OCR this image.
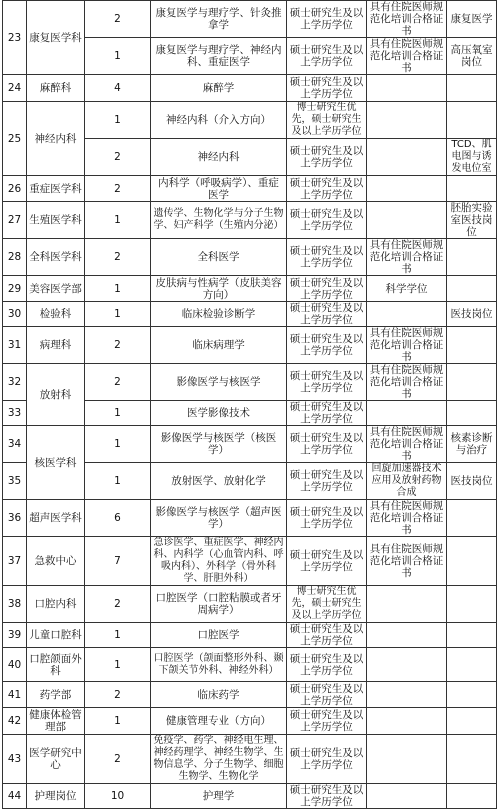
23	康复医学科	2	康复医学与理疗学、针灸推拿学	硕士研究生及以上学历学位	具有住院医师规范化培训合格证书	康复医学
		1	康复医学与理疗学、神经内科、重症医学	硕士研究生及以上学历学位	具有住院医师规范化培训合格证书	高压氧室岗位
24	麻醉科	4	麻醉学	硕士研究生及以上学历学位		
25	神经内科	1	神经内科（介入方向）	博士研究生优先，硕士研究生及以上学历学位		
		2	神经内科	硕士研究生及以上学历学位		TCD、肌电图与诱发电位室
26	重症医学科	2	内科学（呼吸病学）、重症医学	硕士研究生及以上学历学位		
27	生殖医学科	1	遗传学、生物化学与分子生物学、妇产科学（生殖内分泌）	硕士研究生及以上学历学位		胚胎实验室医技岗位
28	全科医学科	2	全科医学	硕士研究生及以上学历学位	具有住院医师规范化培训合格证书	
29	美容医学部	1	皮肤病与性病学（皮肤美容方向）	硕士研究生及以上学历学位	科学学位	
30	检验科	1	临床检验诊断学	硕士研究生及以上学历学位		医技岗位
31	病理科	2	临床病理学	硕士研究生及以上学历学位	具有住院医师规范化培训合格证书	
32	放射科	2	影像医学与核医学	硕士研究生及以上学历学位	具有住院医师规范化培训合格证书	
33		1	医学影像技术	硕士研究生及以上学历学位		
34	核医学科	1	影像医学与核医学（核医学）	硕士研究生及以上学历学位	具有住院医师规范化培训合格证书	核素诊断与治疗
35		1	放射医学、放射化学	硕士研究生及以上学历学位	回旋加速器技术应用及放射药物合成	医技岗位
36	超声医学科	6	影像医学与核医学（超声医学）	硕士研究生及以上学历学位	具有住院医师规范化培训合格证书	
37	急救中心	7	急诊医学、重症医学、神经内科、内科学（心血管内科、呼吸内科）、外科学（骨外科学、肝胆外科）	硕士研究生及以上学历学位	具有住院医师规范化培训合格证书	
38	口腔内科	2	口腔医学（口腔粘膜或者牙周病学）	博士研究生优先，硕士研究生及以上学历学位		
39	儿童口腔科	1	口腔医学	硕士研究生及以上学历学位		
40	口腔颌面外科	1	口腔医学（颌面整形外科、颞下颌关节外科、神经外科）	硕士研究生及以上学历学位		
41	药学部	2	临床药学	硕士研究生及以上学历学位		
42	健康体检管理部	1	健康管理专业（方向）	硕士研究生及以上学历学位		
43	医学研究中心	2	免疫学、药学、神经电生理、神经药理学、神经生物学、生物信息学、分子生物学、细胞生物学、生物化学	硕士研究生及以上学历学位		
44	护理岗位	10	护理学	硕士研究生及以上学历学位		
